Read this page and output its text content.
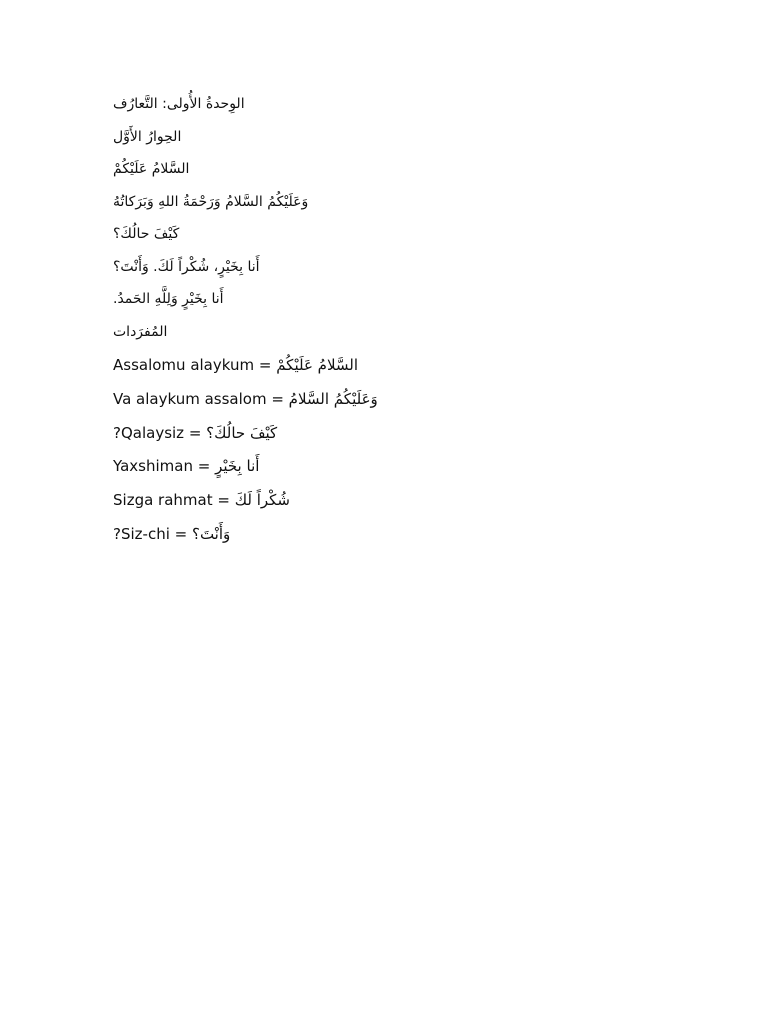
الوِحدةُ الأُولى: التَّعارُف

الحِوارُ الأَوَّل

السَّلامُ عَلَيْكُمْ

وَعَلَيْكُمُ السَّلامُ وَرَحْمَةُ اللهِ وَبَرَكاتُهُ

كَيْفَ حالُكَ؟

أَنا بِخَيْرٍ، شُكْراً لَكَ. وَأَنْتَ؟

أَنا بِخَيْرٍ وَلِلَّهِ الحَمدُ.

المُفرَدات

السَّلامُ عَلَيْكُمْ = Assalomu alaykum

وَعَلَيْكُمُ السَّلامُ = Va alaykum assalom

كَيْفَ حالُكَ؟ = Qalaysiz?

أَنا بِخَيْرٍ = Yaxshiman

شُكْراً لَكَ = Sizga rahmat

وَأَنْتَ؟ = Siz-chi?
